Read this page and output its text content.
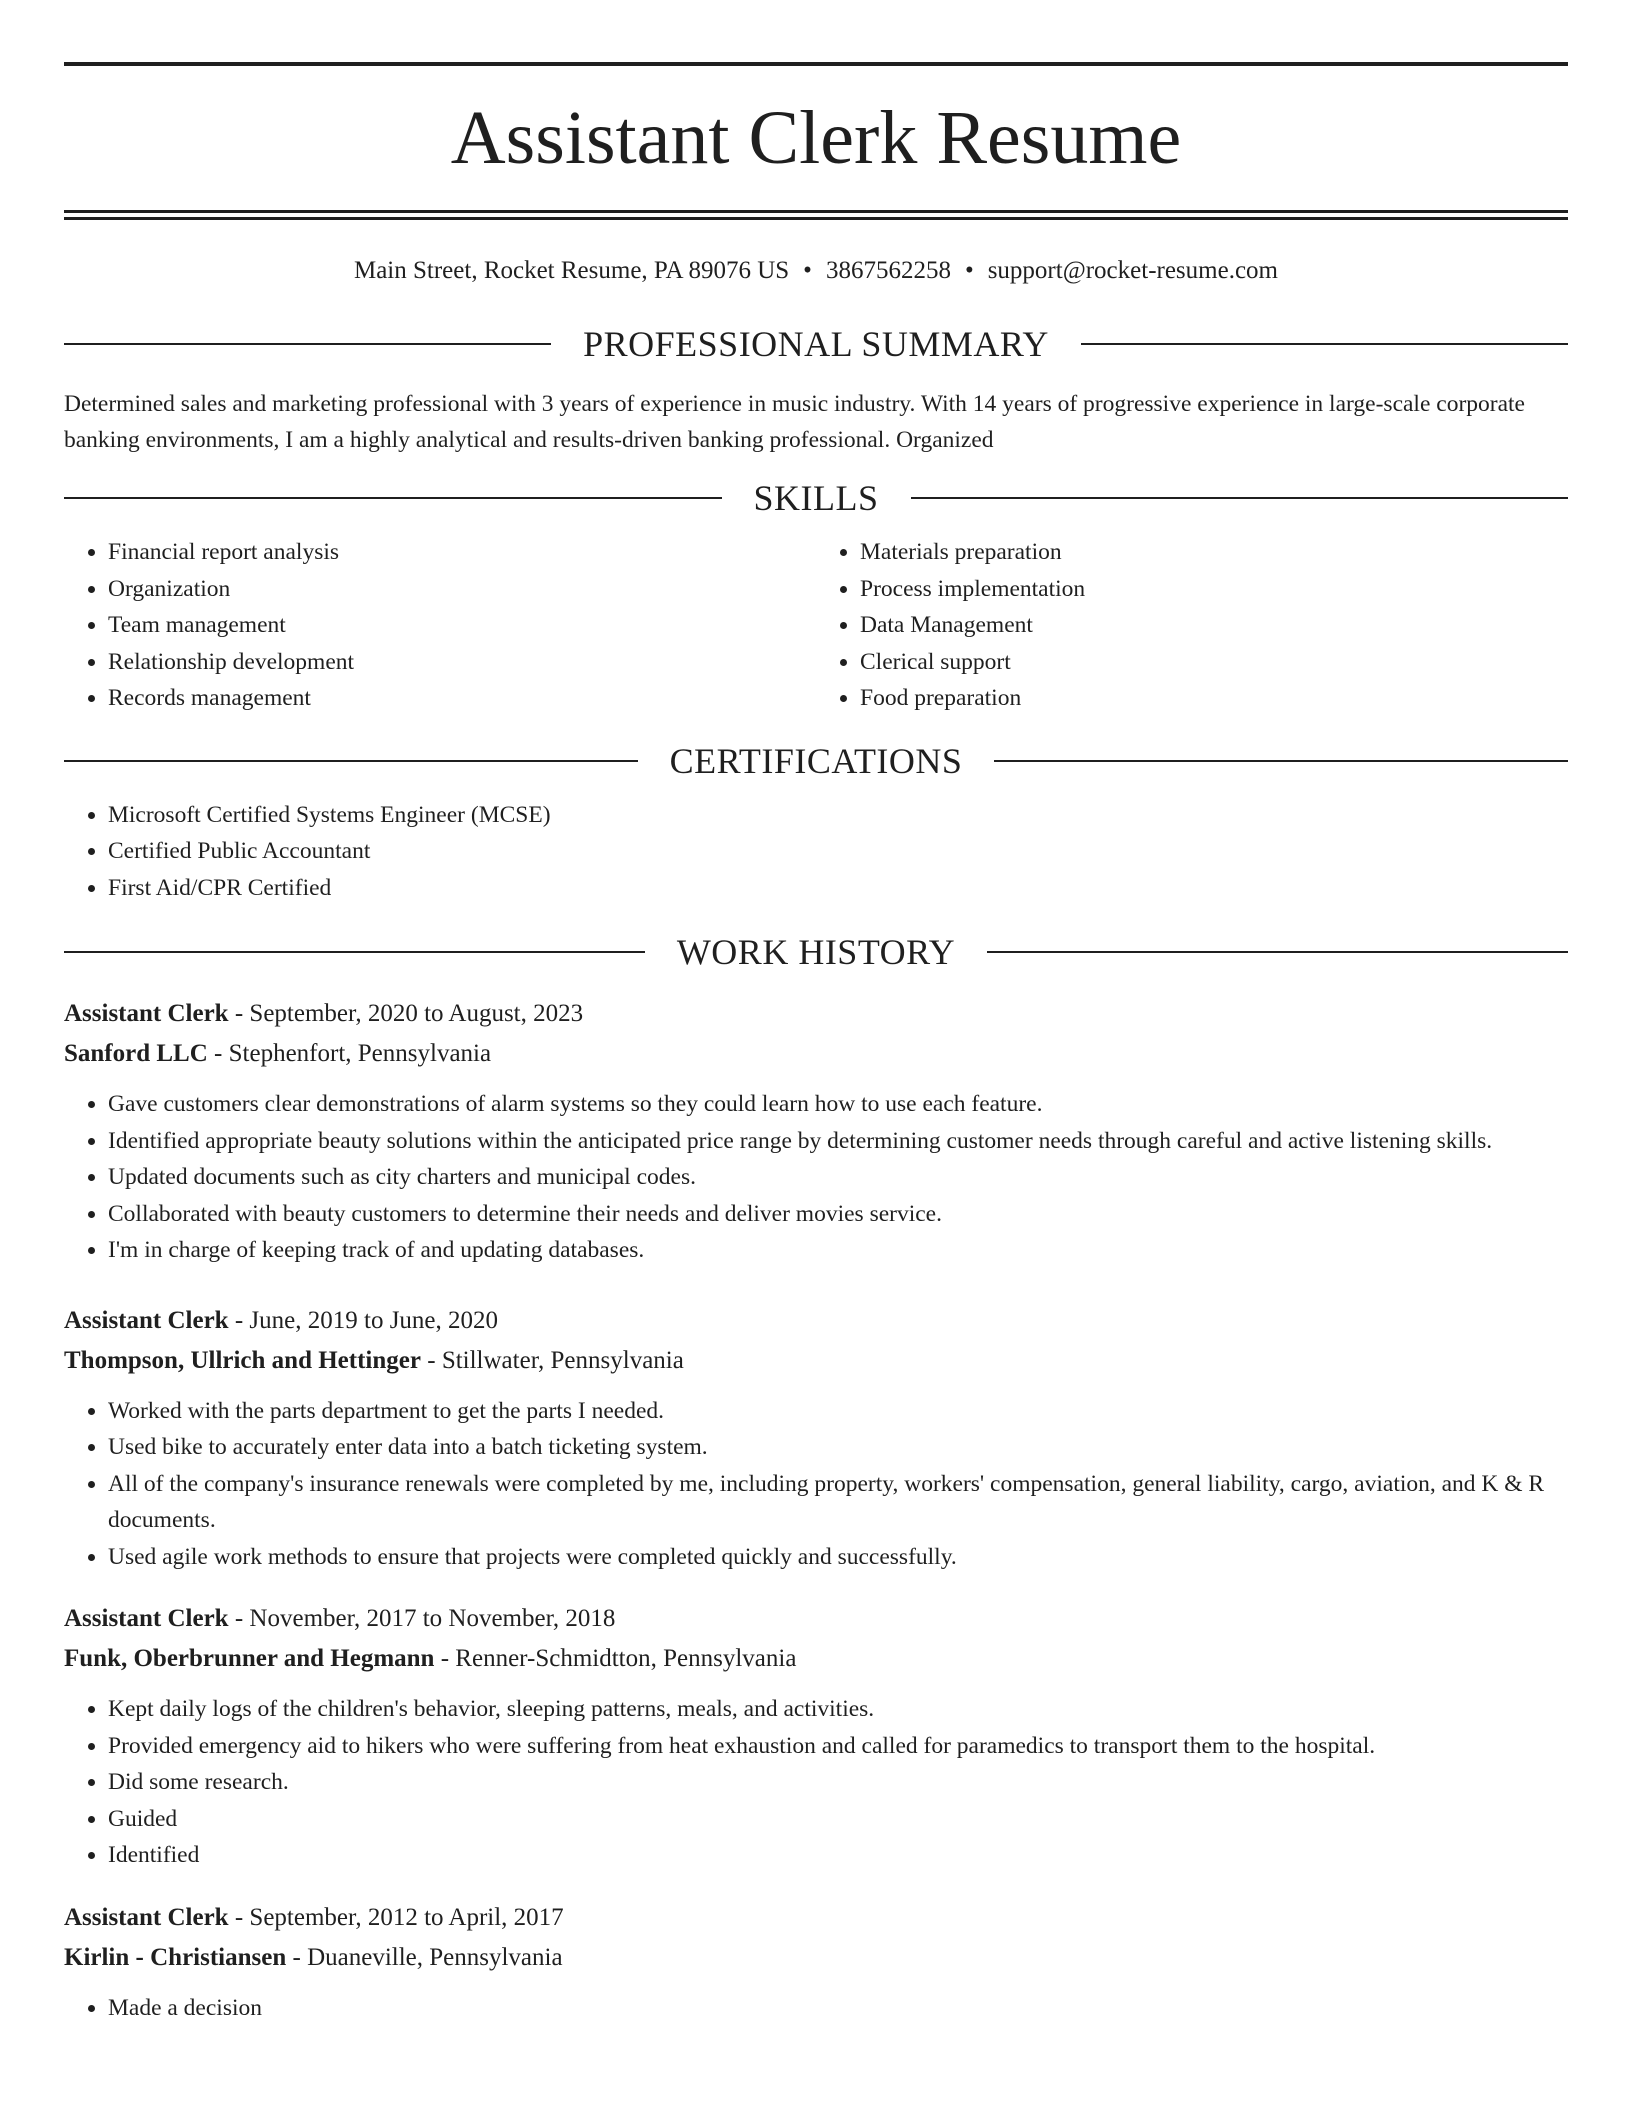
Assistant Clerk Resume
Main Street, Rocket Resume, PA 89076 US • 3867562258 • support@rocket-resume.com
PROFESSIONAL SUMMARY

Determined sales and marketing professional with 3 years of experience in music industry. With 14 years of progressive experience in large-scale corporate banking environments, I am a highly analytical and results-driven banking professional. Organized

SKILLS
• Financial report analysis
• Organization
• Team management
• Relationship development
• Records management
• Materials preparation
• Process implementation
• Data Management
• Clerical support
• Food preparation
CERTIFICATIONS
• Microsoft Certified Systems Engineer (MCSE)
• Certified Public Accountant
• First Aid/CPR Certified
WORK HISTORY
Assistant Clerk - September, 2020 to August, 2023
Sanford LLC - Stephenfort, Pennsylvania
• Gave customers clear demonstrations of alarm systems so they could learn how to use each feature.
• Identified appropriate beauty solutions within the anticipated price range by determining customer needs through careful and active listening skills.
• Updated documents such as city charters and municipal codes.
• Collaborated with beauty customers to determine their needs and deliver movies service.
• I'm in charge of keeping track of and updating databases.
Assistant Clerk - June, 2019 to June, 2020
Thompson, Ullrich and Hettinger - Stillwater, Pennsylvania
• Worked with the parts department to get the parts I needed.
• Used bike to accurately enter data into a batch ticketing system.
• All of the company's insurance renewals were completed by me, including property, workers' compensation, general liability, cargo, aviation, and K & R documents.
• Used agile work methods to ensure that projects were completed quickly and successfully.
Assistant Clerk - November, 2017 to November, 2018
Funk, Oberbrunner and Hegmann - Renner-Schmidtton, Pennsylvania
• Kept daily logs of the children's behavior, sleeping patterns, meals, and activities.
• Provided emergency aid to hikers who were suffering from heat exhaustion and called for paramedics to transport them to the hospital.
• Did some research.
• Guided
• Identified
Assistant Clerk - September, 2012 to April, 2017
Kirlin - Christiansen - Duaneville, Pennsylvania
• Made a decision
